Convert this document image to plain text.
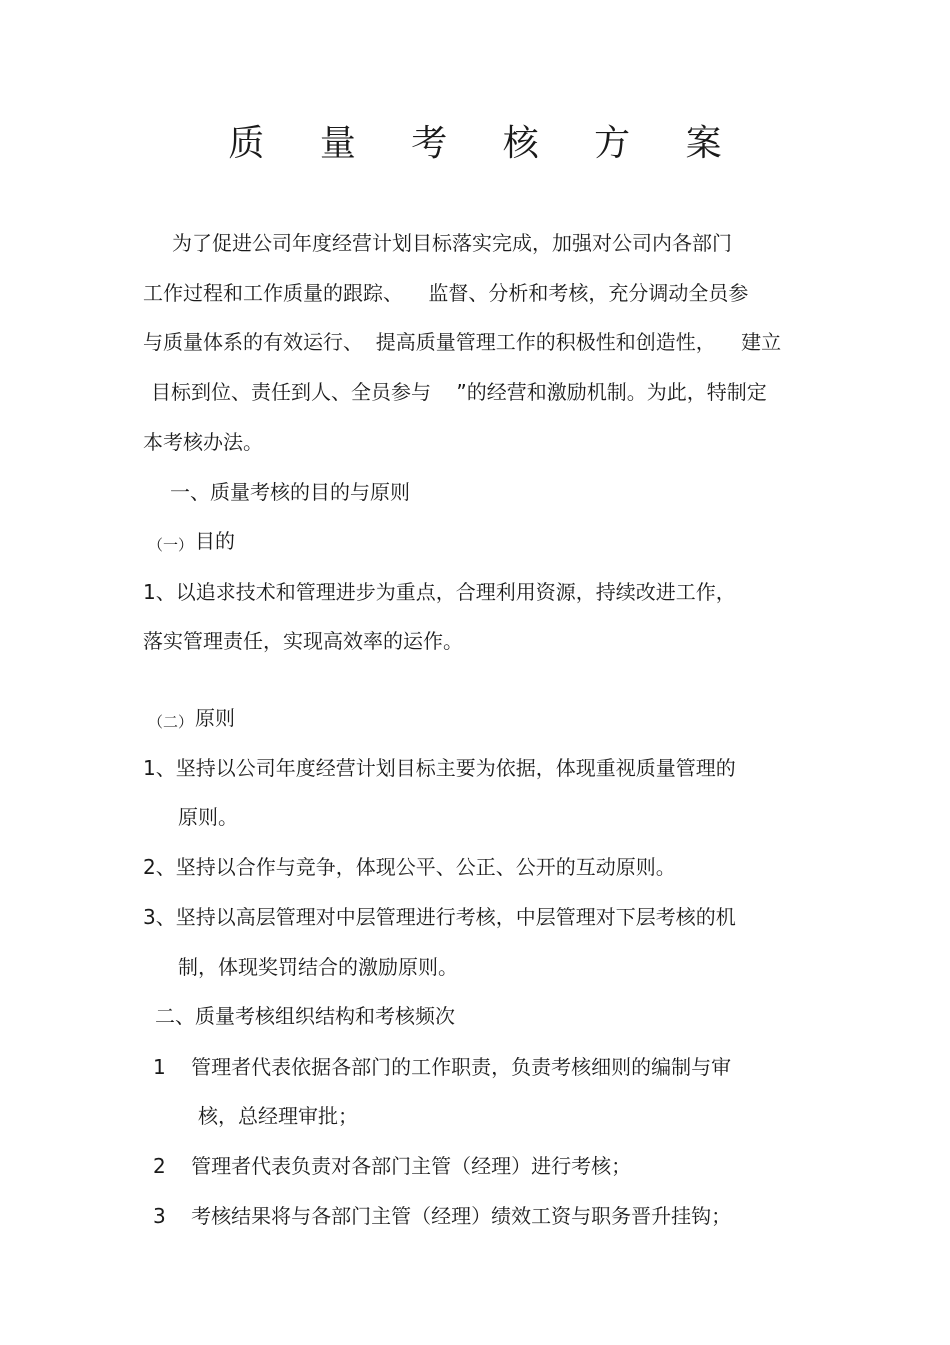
质 量 考 核 方 案

为了促进公司年度经营计划目标落实完成，加强对公司内各部门

工作过程和工作质量的跟踪、    监督、分析和考核，充分调动全员参

与质量体系的有效运行、  提高质量管理工作的积极性和创造性，    建立

目标到位、责任到人、全员参与    ”的经营和激励机制。为此，特制定

本考核办法。

一、质量考核的目的与原则

（一） 目的

1、以追求技术和管理进步为重点，合理利用资源，持续改进工作，

落实管理责任，实现高效率的运作。

（二） 原则

1、坚持以公司年度经营计划目标主要为依据，体现重视质量管理的

原则。

2、坚持以合作与竞争，体现公平、公正、公开的互动原则。

3、坚持以高层管理对中层管理进行考核，中层管理对下层考核的机

制，体现奖罚结合的激励原则。

二、质量考核组织结构和考核频次

1    管理者代表依据各部门的工作职责，负责考核细则的编制与审

核，总经理审批；

2    管理者代表负责对各部门主管（经理）进行考核；

3    考核结果将与各部门主管（经理）绩效工资与职务晋升挂钩；
